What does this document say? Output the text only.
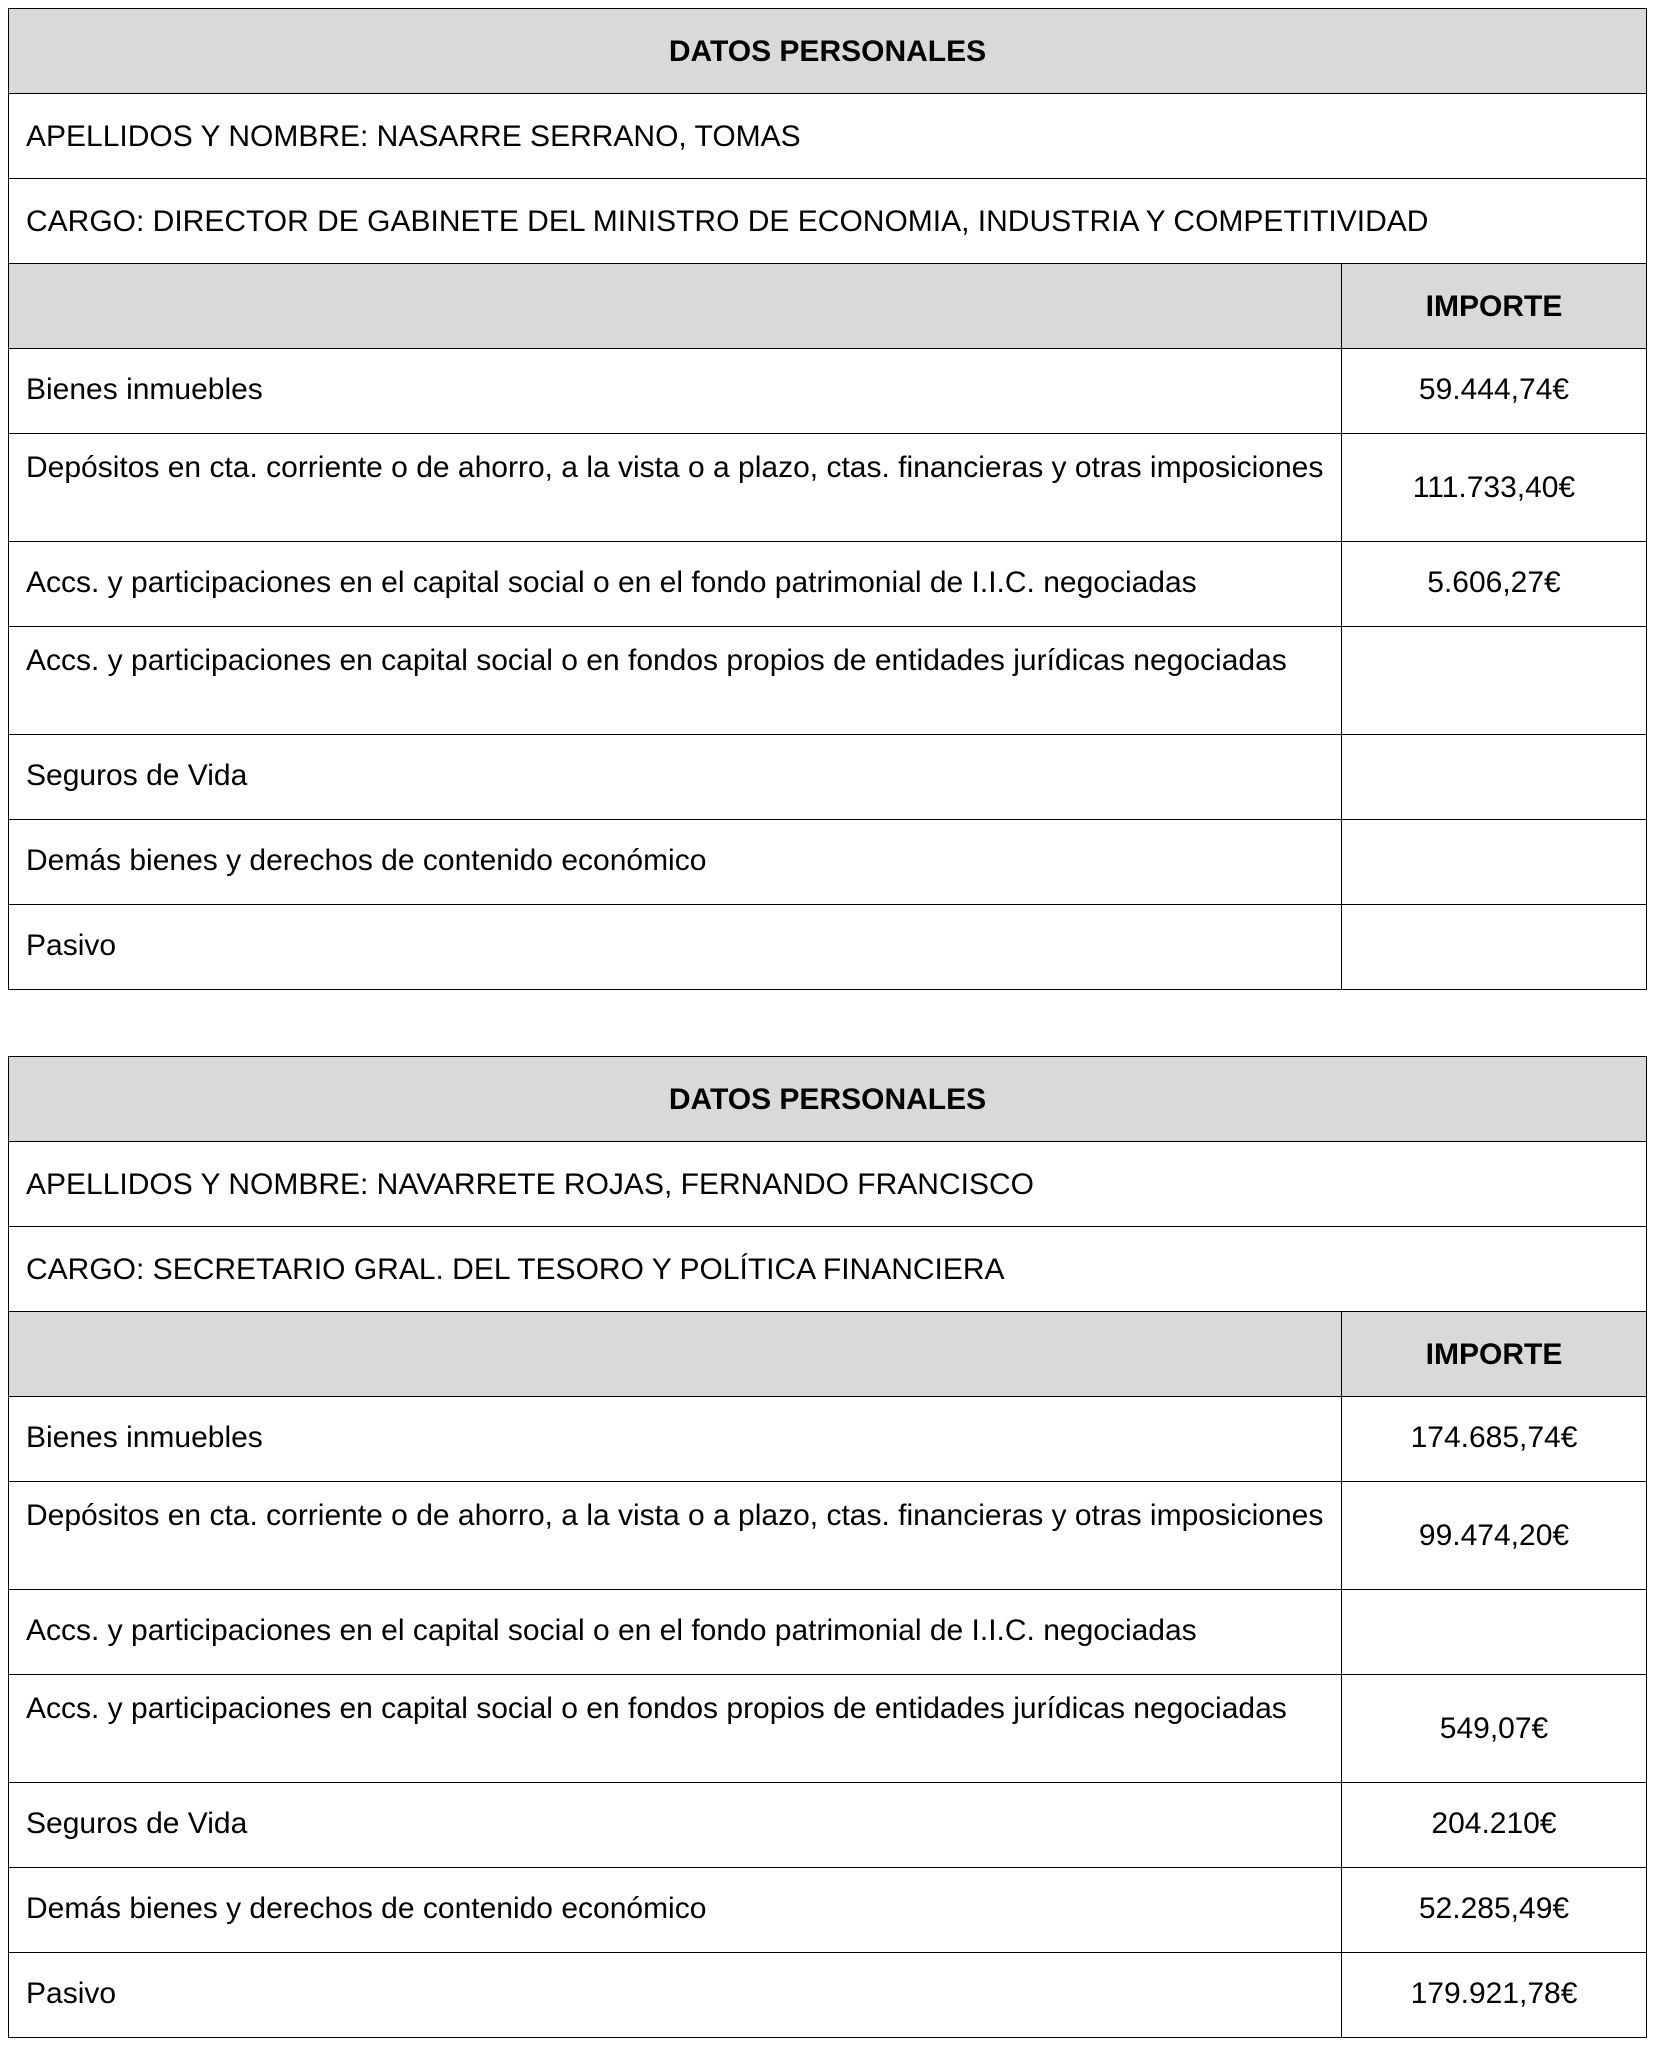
DATOS PERSONALES	
APELLIDOS Y NOMBRE: NASARRE SERRANO, TOMAS	
CARGO: DIRECTOR DE GABINETE DEL MINISTRO DE ECONOMIA, INDUSTRIA Y COMPETITIVIDAD	
	IMPORTE
Bienes inmuebles	59.444,74€
Depósitos en cta. corriente o de ahorro, a la vista o a plazo, ctas. financieras y otras imposiciones	111.733,40€
Accs. y participaciones en el capital social o en el fondo patrimonial de I.I.C. negociadas	5.606,27€
Accs. y participaciones en capital social o en fondos propios de entidades jurídicas negociadas	
Seguros de Vida	
Demás bienes y derechos de contenido económico	
Pasivo	
DATOS PERSONALES	
APELLIDOS Y NOMBRE: NAVARRETE ROJAS, FERNANDO FRANCISCO	
CARGO: SECRETARIO GRAL. DEL TESORO Y POLÍTICA FINANCIERA	
	IMPORTE
Bienes inmuebles	174.685,74€
Depósitos en cta. corriente o de ahorro, a la vista o a plazo, ctas. financieras y otras imposiciones	99.474,20€
Accs. y participaciones en el capital social o en el fondo patrimonial de I.I.C. negociadas	
Accs. y participaciones en capital social o en fondos propios de entidades jurídicas negociadas	549,07€
Seguros de Vida	204.210€
Demás bienes y derechos de contenido económico	52.285,49€
Pasivo	179.921,78€
